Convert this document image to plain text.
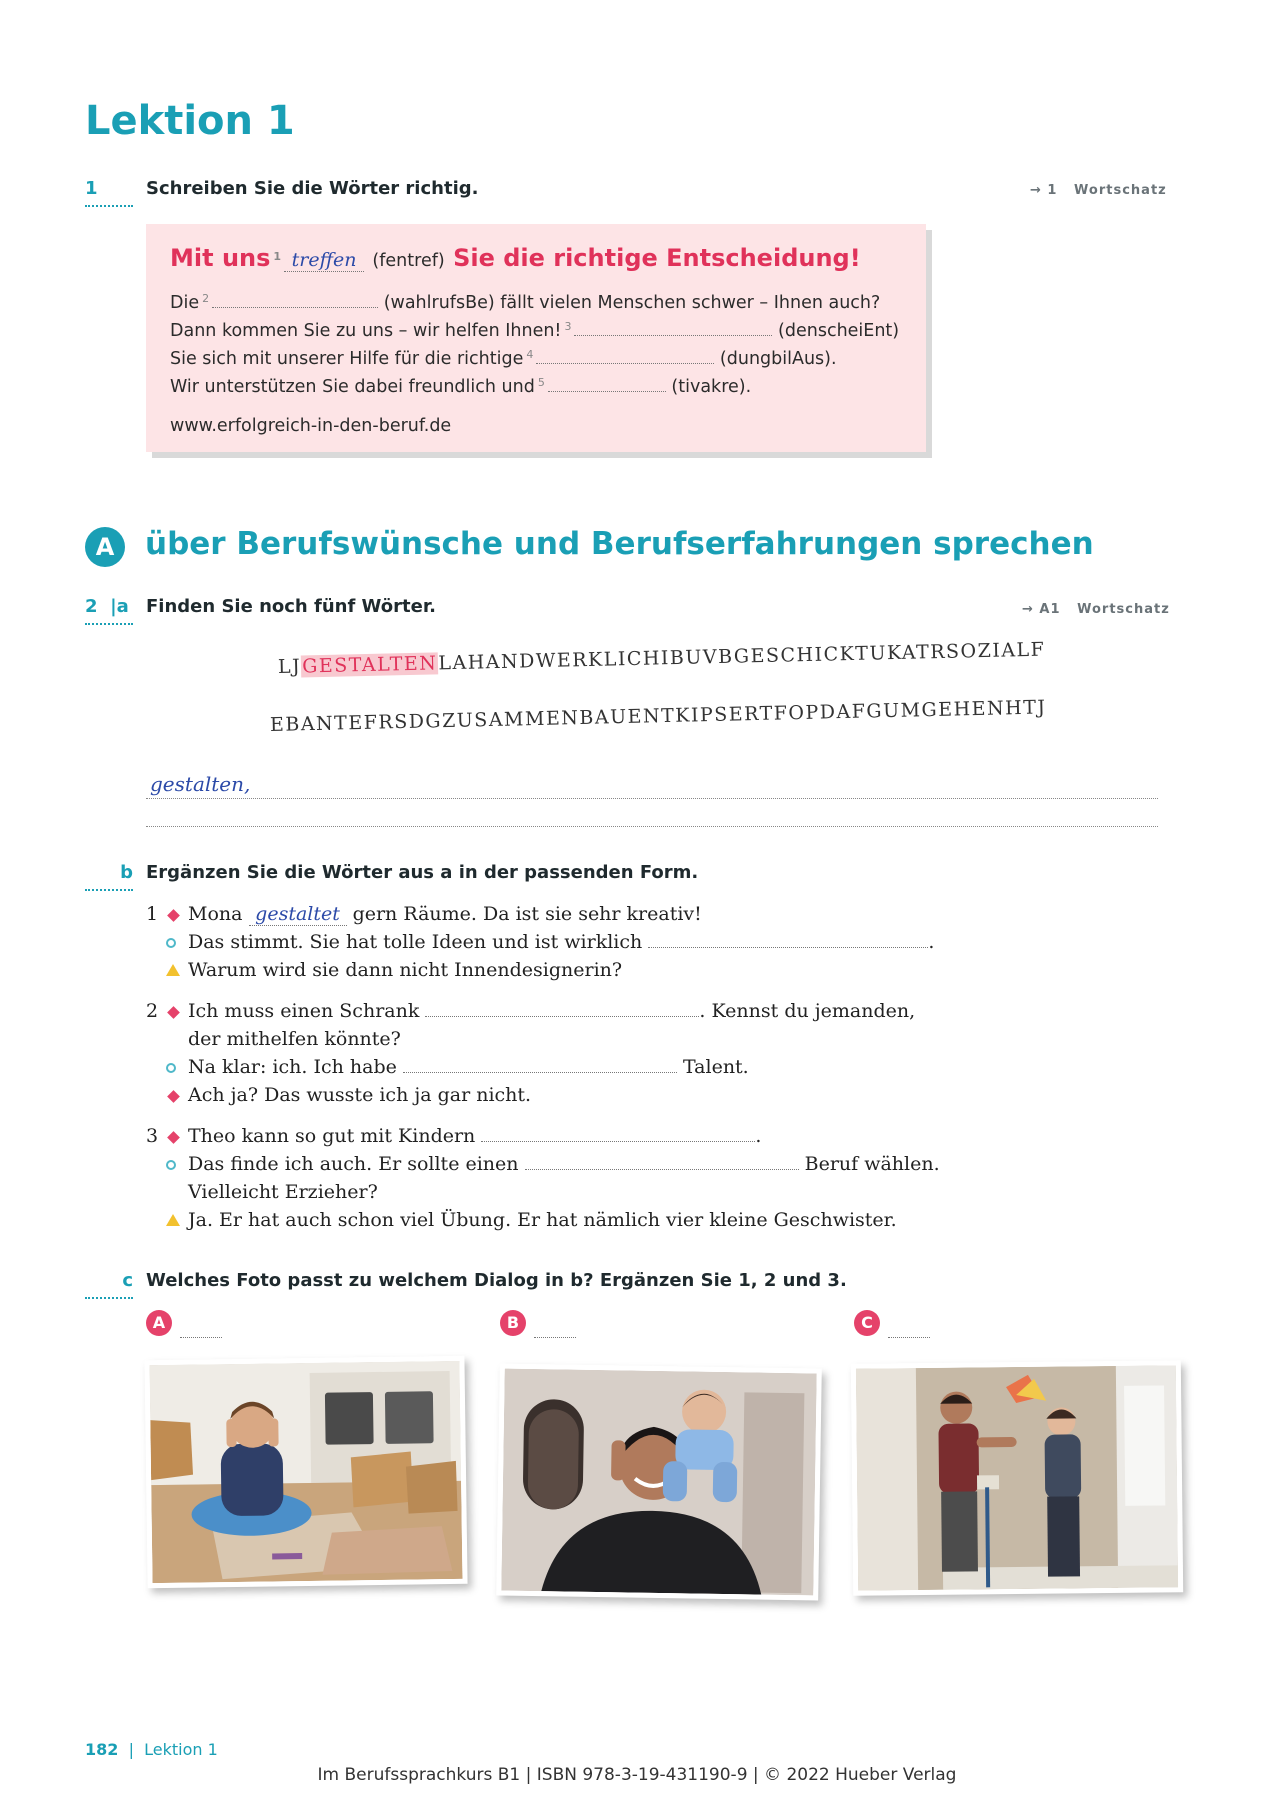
Lektion 1
1	Schreiben Sie die Wörter richtig.	→ 1 Wortschatz
Mit uns $^1$ treffen (fentref) Sie die richtige Entscheidung!
Die $^2$	(wahlrufsBe) fällt vielen Menschen schwer – Ihnen auch?
Dann kommen Sie zu uns – wir helfen Ihnen! $^3$	(denscheiEnt)
Sie sich mit unserer Hilfe für die richtige $^4$	(dungbilAus).
Wir unterstützen Sie dabei freundlich und $^5$	(tivakre).
www.erfolgreich-in-den-beruf.de
A über Berufswünsche und Berufserfahrungen sprechen
2  |a Finden Sie noch fünf Wörter.	→ A1 Wortschatz
LJGESTALTENLAHANDWERKLICHIBUVBGESCHICKTUKATRSOZIALF
EBANTEFRSDGZUSAMMENBAUENTKIPSERTFOPDAFGUMGEHENHTJ
gestalten,
b Ergänzen Sie die Wörter aus a in der passenden Form.
1 Mona gestaltet gern Räume. Da ist sie sehr kreativ!
Das stimmt. Sie hat tolle Ideen und ist wirklich	.
Warum wird sie dann nicht Innendesignerin?
2 Ich muss einen Schrank	. Kennst du jemanden,
der mithelfen könnte?
Na klar: ich. Ich habe	Talent.
Ach ja? Das wusste ich ja gar nicht.
3 Theo kann so gut mit Kindern	.
Das finde ich auch. Er sollte einen	Beruf wählen.
Vielleicht Erzieher?
Ja. Er hat auch schon viel Übung. Er hat nämlich vier kleine Geschwister.
c Welches Foto passt zu welchem Dialog in b? Ergänzen Sie 1, 2 und 3.
A	B	C
182 | Lektion 1
Im Berufssprachkurs B1 | ISBN 978-3-19-431190-9 | © 2022 Hueber Verlag
